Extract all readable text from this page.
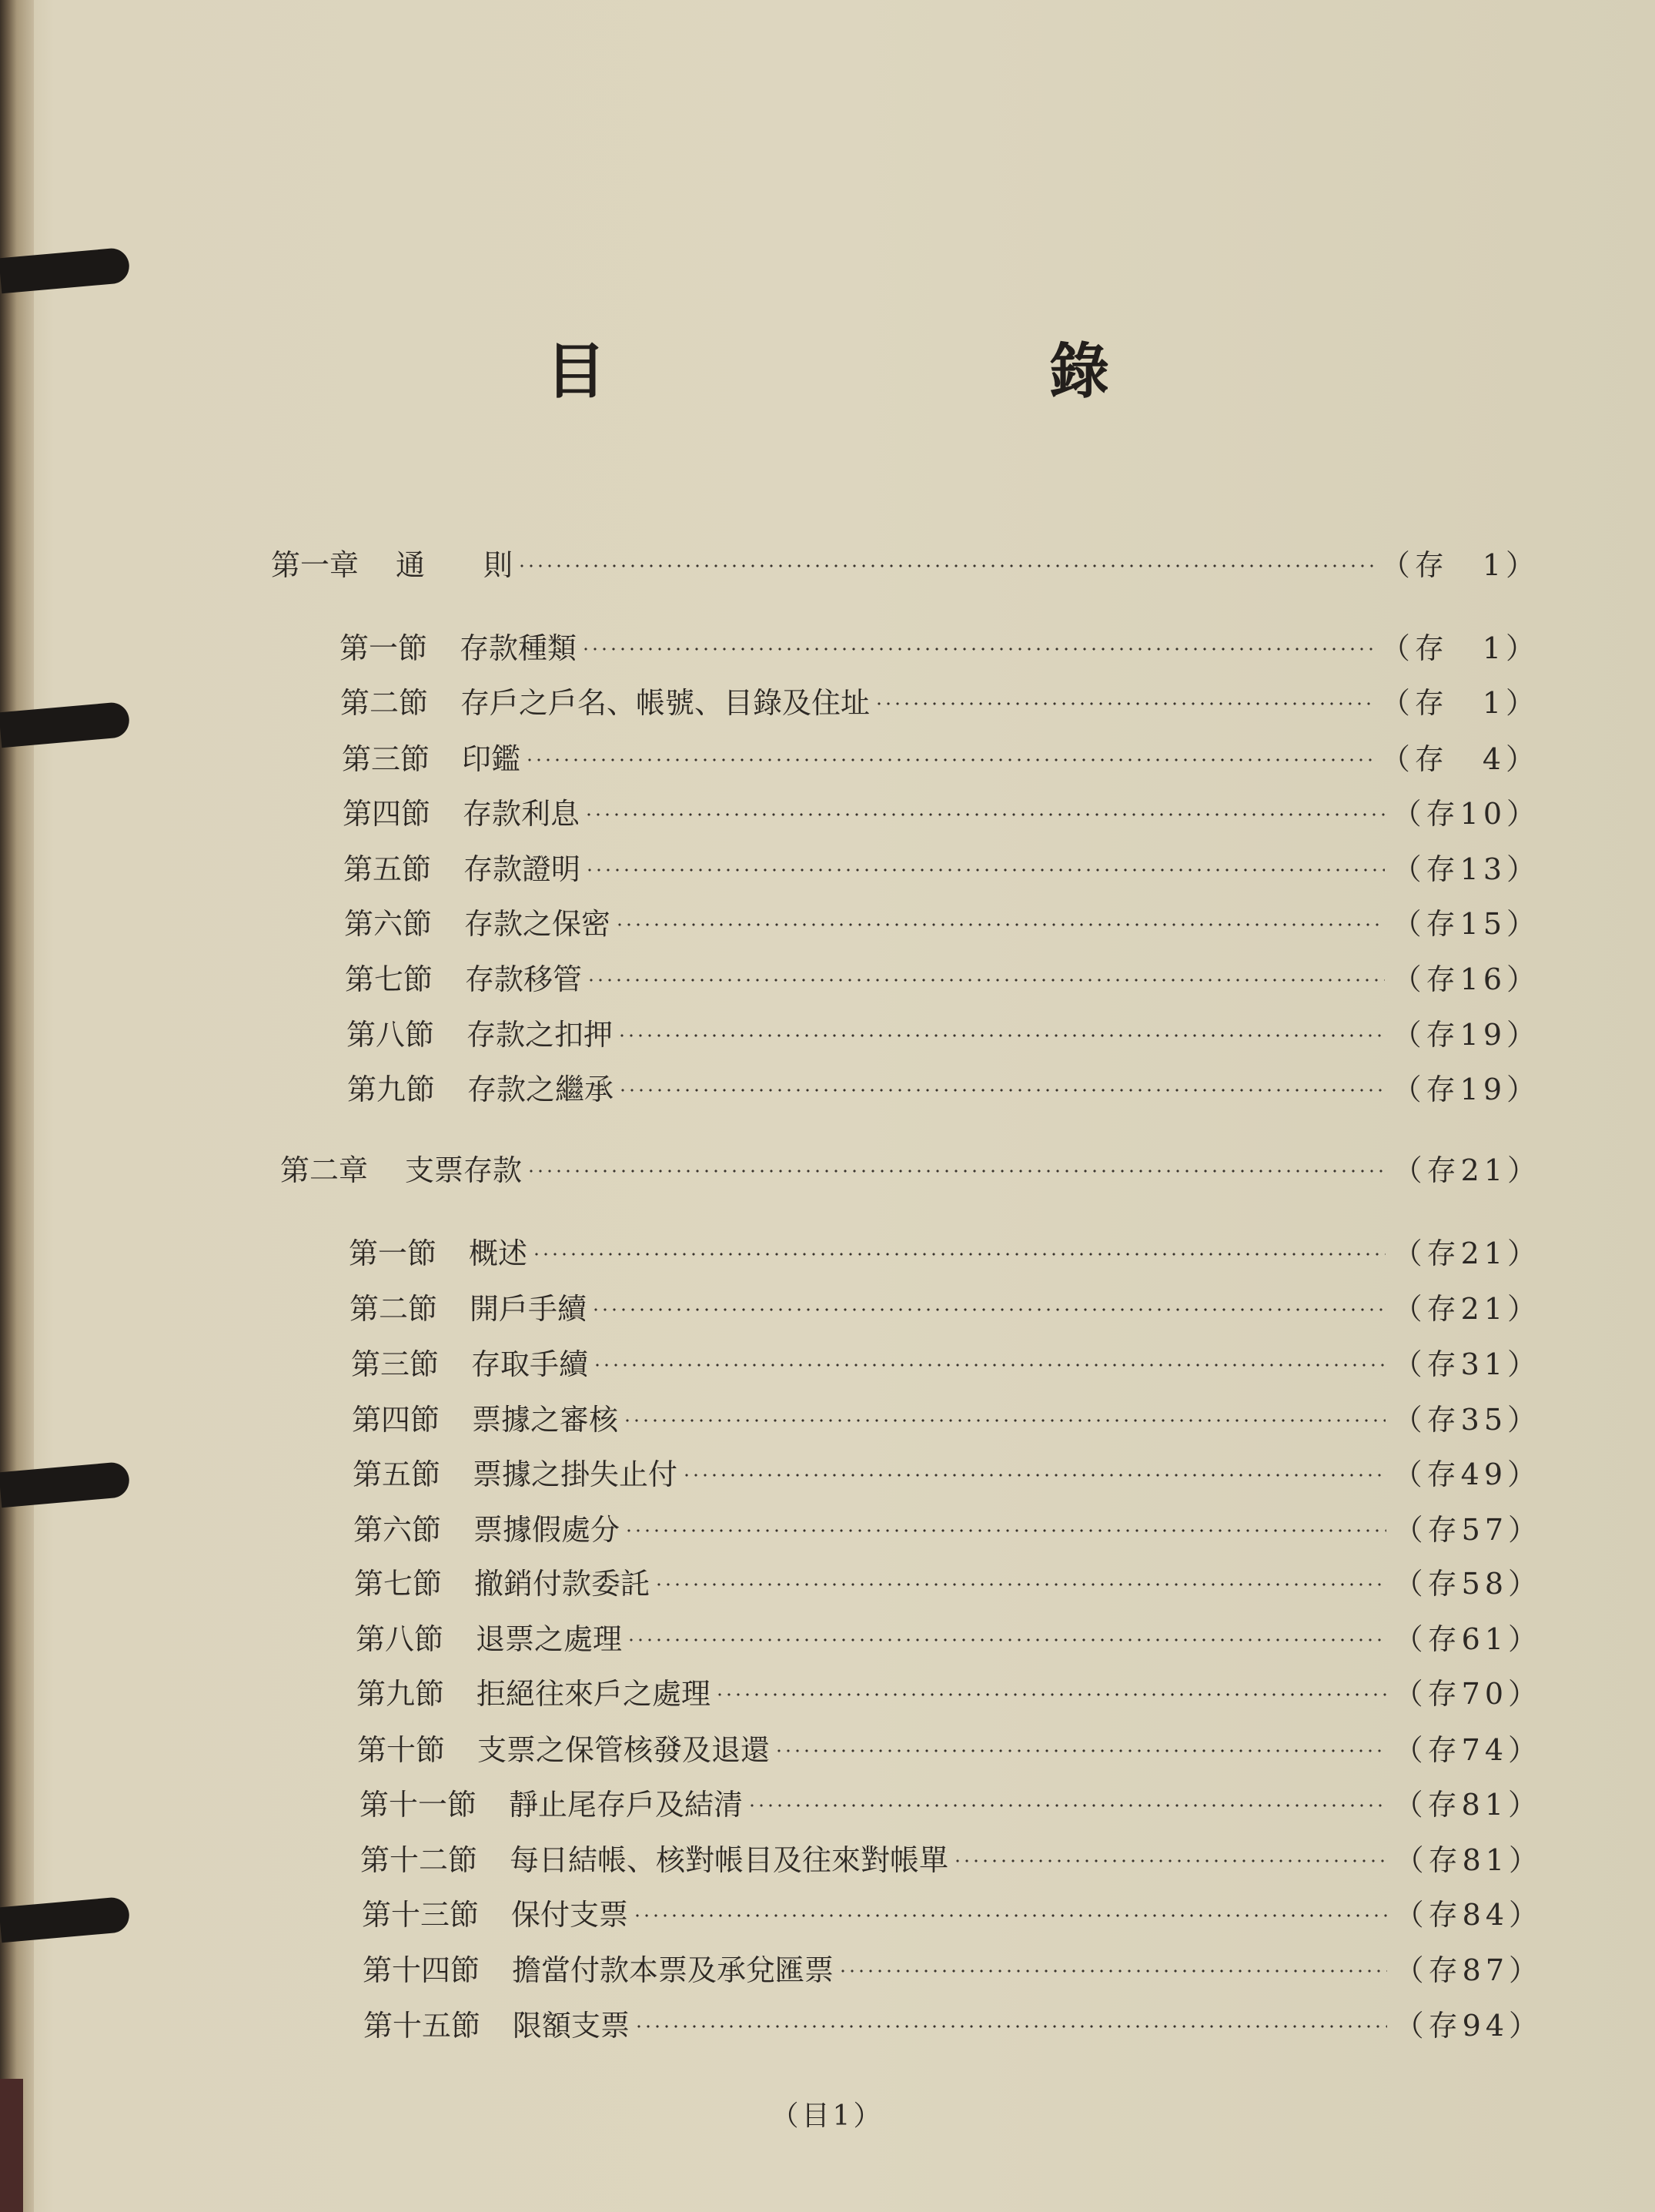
目　　錄
第一章 通　　則	（存　1）
第一節 存款種類	（存　1）
第二節 存戶之戶名、帳號、目錄及住址	（存　1）
第三節 印鑑	（存　4）
第四節 存款利息	（存10）
第五節 存款證明	（存13）
第六節 存款之保密	（存15）
第七節 存款移管	（存16）
第八節 存款之扣押	（存19）
第九節 存款之繼承	（存19）
第二章 支票存款	（存21）
第一節 概述	（存21）
第二節 開戶手續	（存21）
第三節 存取手續	（存31）
第四節 票據之審核	（存35）
第五節 票據之掛失止付	（存49）
第六節 票據假處分	（存57）
第七節 撤銷付款委託	（存58）
第八節 退票之處理	（存61）
第九節 拒絕往來戶之處理	（存70）
第十節 支票之保管核發及退還	（存74）
第十一節 靜止尾存戶及結清	（存81）
第十二節 每日結帳、核對帳目及往來對帳單	（存81）
第十三節 保付支票	（存84）
第十四節 擔當付款本票及承兌匯票	（存87）
第十五節 限額支票	（存94）
（目1）
